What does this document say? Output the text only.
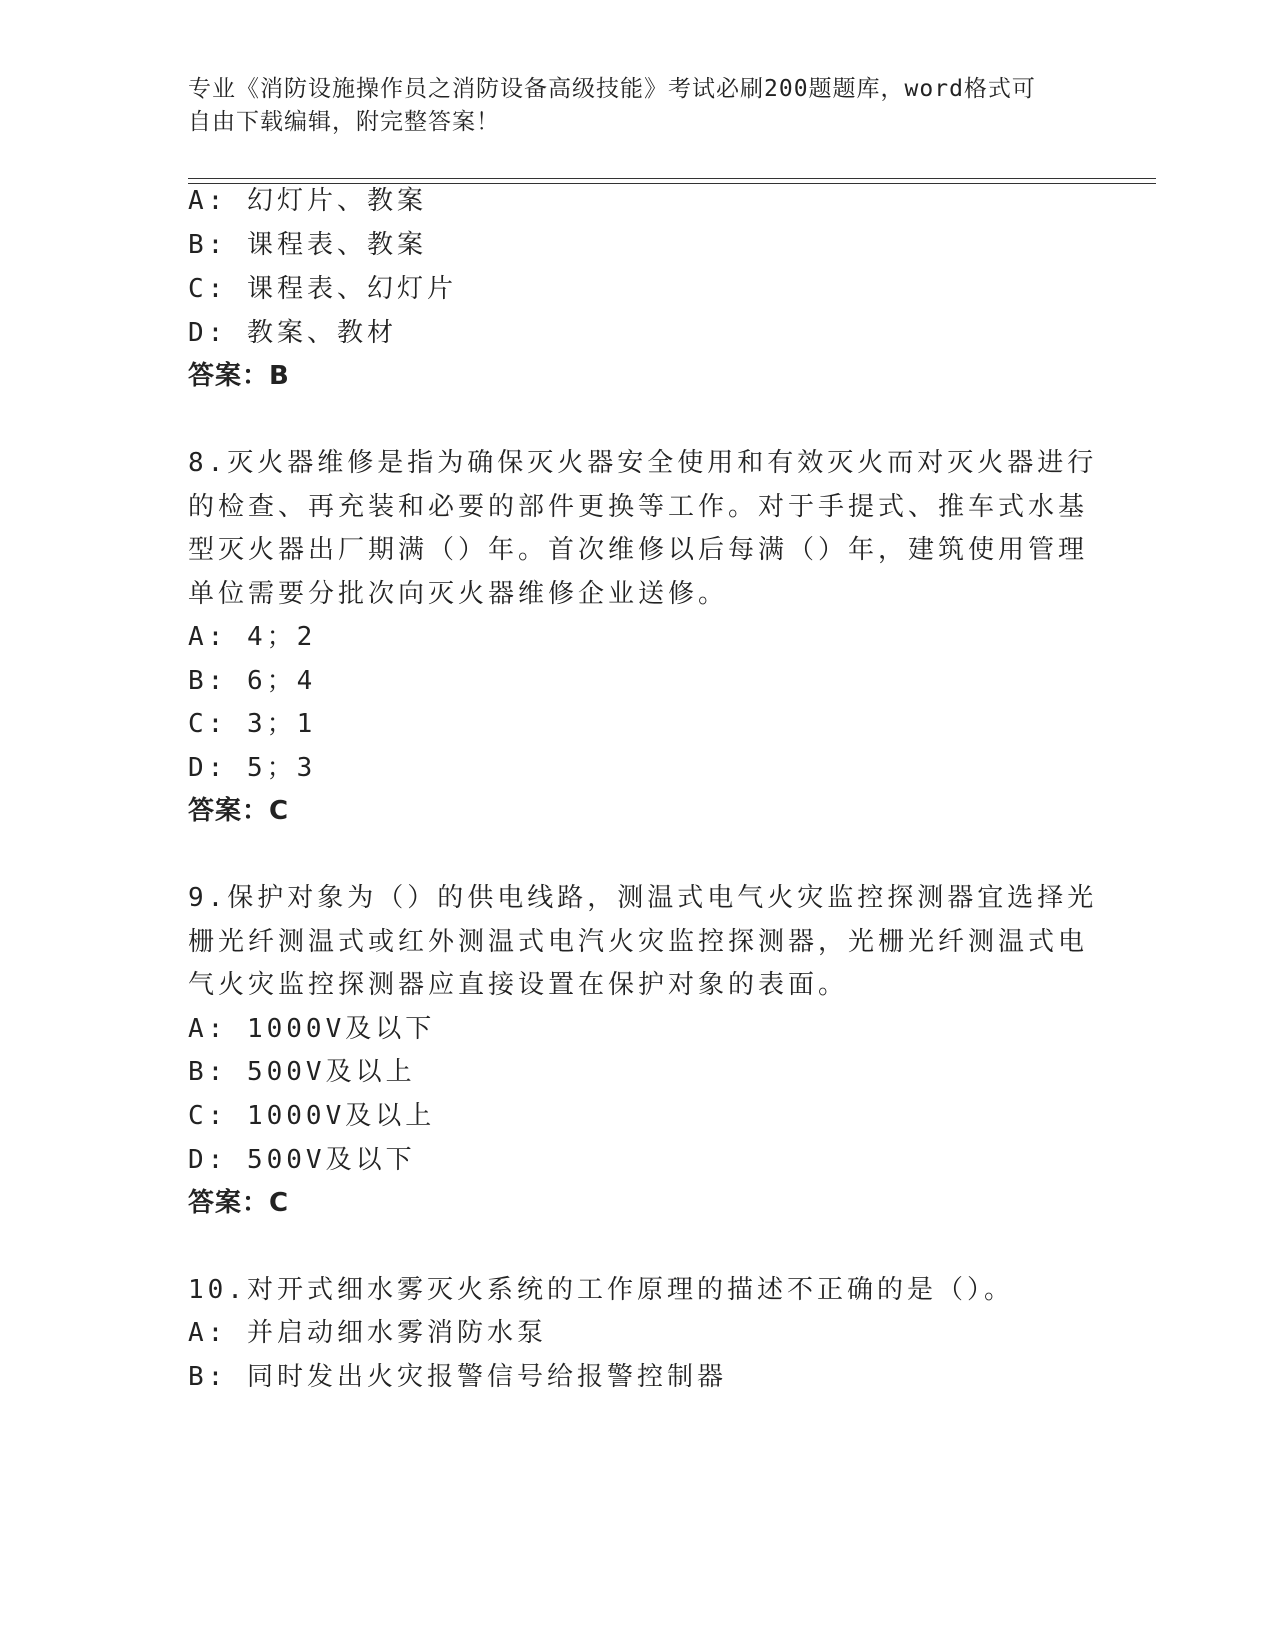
专业《消防设施操作员之消防设备高级技能》考试必刷200题题库，word格式可
自由下载编辑，附完整答案！
A: 幻灯片、教案
B: 课程表、教案
C: 课程表、幻灯片
D: 教案、教材
答案：B
8.灭火器维修是指为确保灭火器安全使用和有效灭火而对灭火器进行
的检查、再充装和必要的部件更换等工作。对于手提式、推车式水基
型灭火器出厂期满（）年。首次维修以后每满（）年，建筑使用管理
单位需要分批次向灭火器维修企业送修。
A: 4；2
B: 6；4
C: 3；1
D: 5；3
答案：C
9.保护对象为（）的供电线路，测温式电气火灾监控探测器宜选择光
栅光纤测温式或红外测温式电汽火灾监控探测器，光栅光纤测温式电
气火灾监控探测器应直接设置在保护对象的表面。
A: 1000V及以下
B: 500V及以上
C: 1000V及以上
D: 500V及以下
答案：C
10.对开式细水雾灭火系统的工作原理的描述不正确的是（）。
A: 并启动细水雾消防水泵
B: 同时发出火灾报警信号给报警控制器
